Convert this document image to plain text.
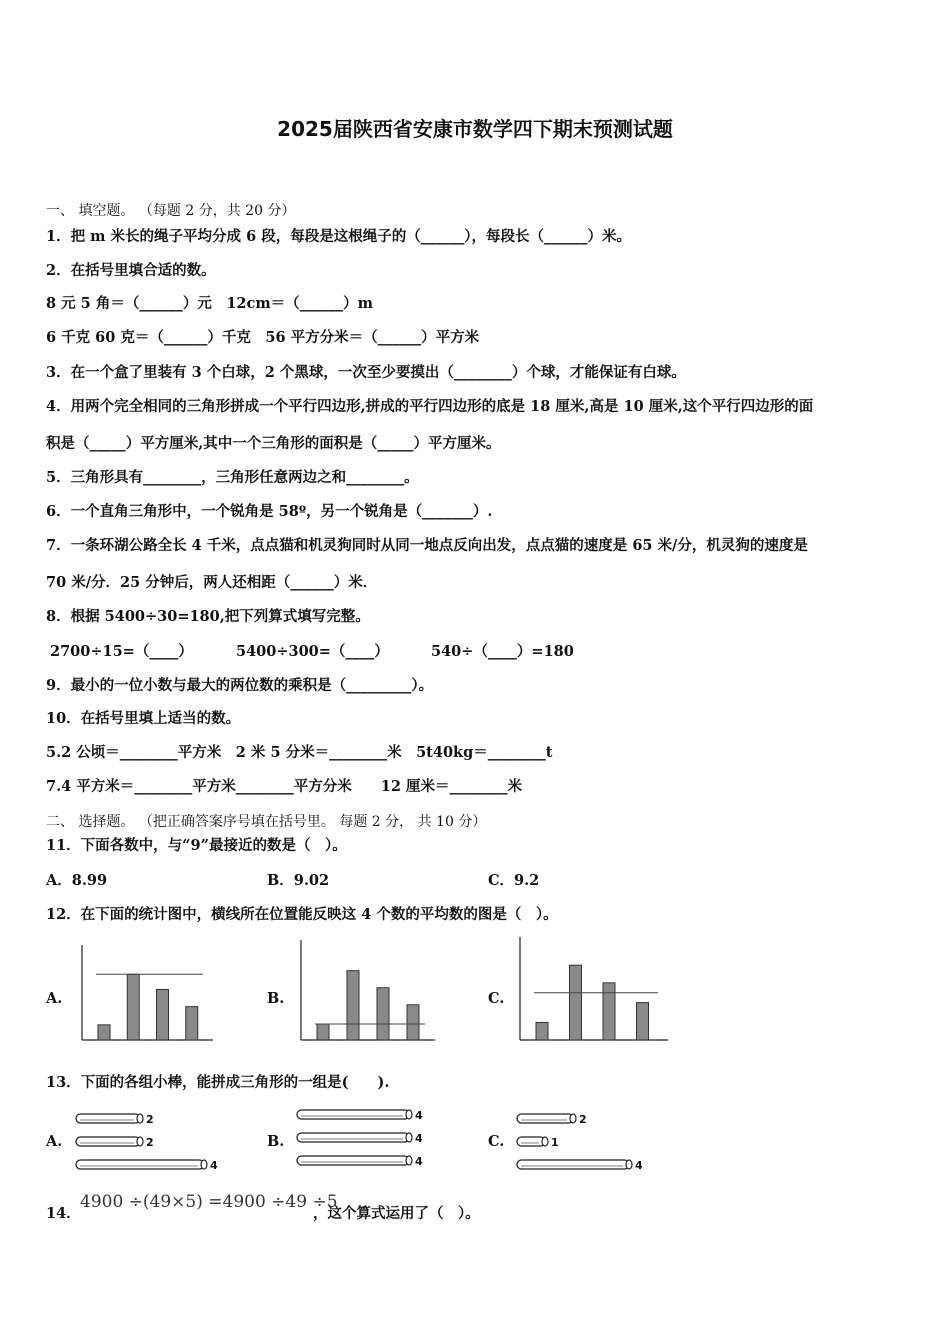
2025届陕西省安康市数学四下期末预测试题
一、 填空题。 （每题 2 分，共 20 分）
1．把 m 米长的绳子平均分成 6 段，每段是这根绳子的（______），每段长（______）米。
2．在括号里填合适的数。
8 元 5 角＝（______）元　12cm＝（______）m
6 千克 60 克＝（______）千克　56 平方分米＝（______）平方米
3．在一个盒了里装有 3 个白球，2 个黑球，一次至少要摸出（________）个球，才能保证有白球。
4．用两个完全相同的三角形拼成一个平行四边形,拼成的平行四边形的底是 18 厘米,高是 10 厘米,这个平行四边形的面
积是（_____）平方厘米,其中一个三角形的面积是（_____）平方厘米。
5．三角形具有________，三角形任意两边之和________。
6．一个直角三角形中，一个锐角是 58º，另一个锐角是（_______）.
7．一条环湖公路全长 4 千米，点点猫和机灵狗同时从同一地点反向出发，点点猫的速度是 65 米/分，机灵狗的速度是
70 米/分．25 分钟后，两人还相距（______）米．
8．根据 5400÷30=180,把下列算式填写完整。
2700÷15=（____）	5400÷300=（____）	540÷（____）=180
9．最小的一位小数与最大的两位数的乘积是（_________）。
10．在括号里填上适当的数。
5.2 公顷＝________平方米　2 米 5 分米＝________米　5t40kg＝________t
7.4 平方米＝________平方米________平方分米　　12 厘米＝________米
二、 选择题。 （把正确答案序号填在括号里。 每题 2 分， 共 10 分）
11．下面各数中，与“9”最接近的数是（　）。
A．8.99	B．9.02	C．9.2
12．在下面的统计图中，横线所在位置能反映这 4 个数的平均数的图是（　）。
A.	B.	C.
13．下面的各组小棒，能拼成三角形的一组是(　　).
A.	B.	C.
2
2
4
4
4
4
2
1
4
14．
4900 ÷(49×5) =4900 ÷49 ÷5
，这个算式运用了（　）。
